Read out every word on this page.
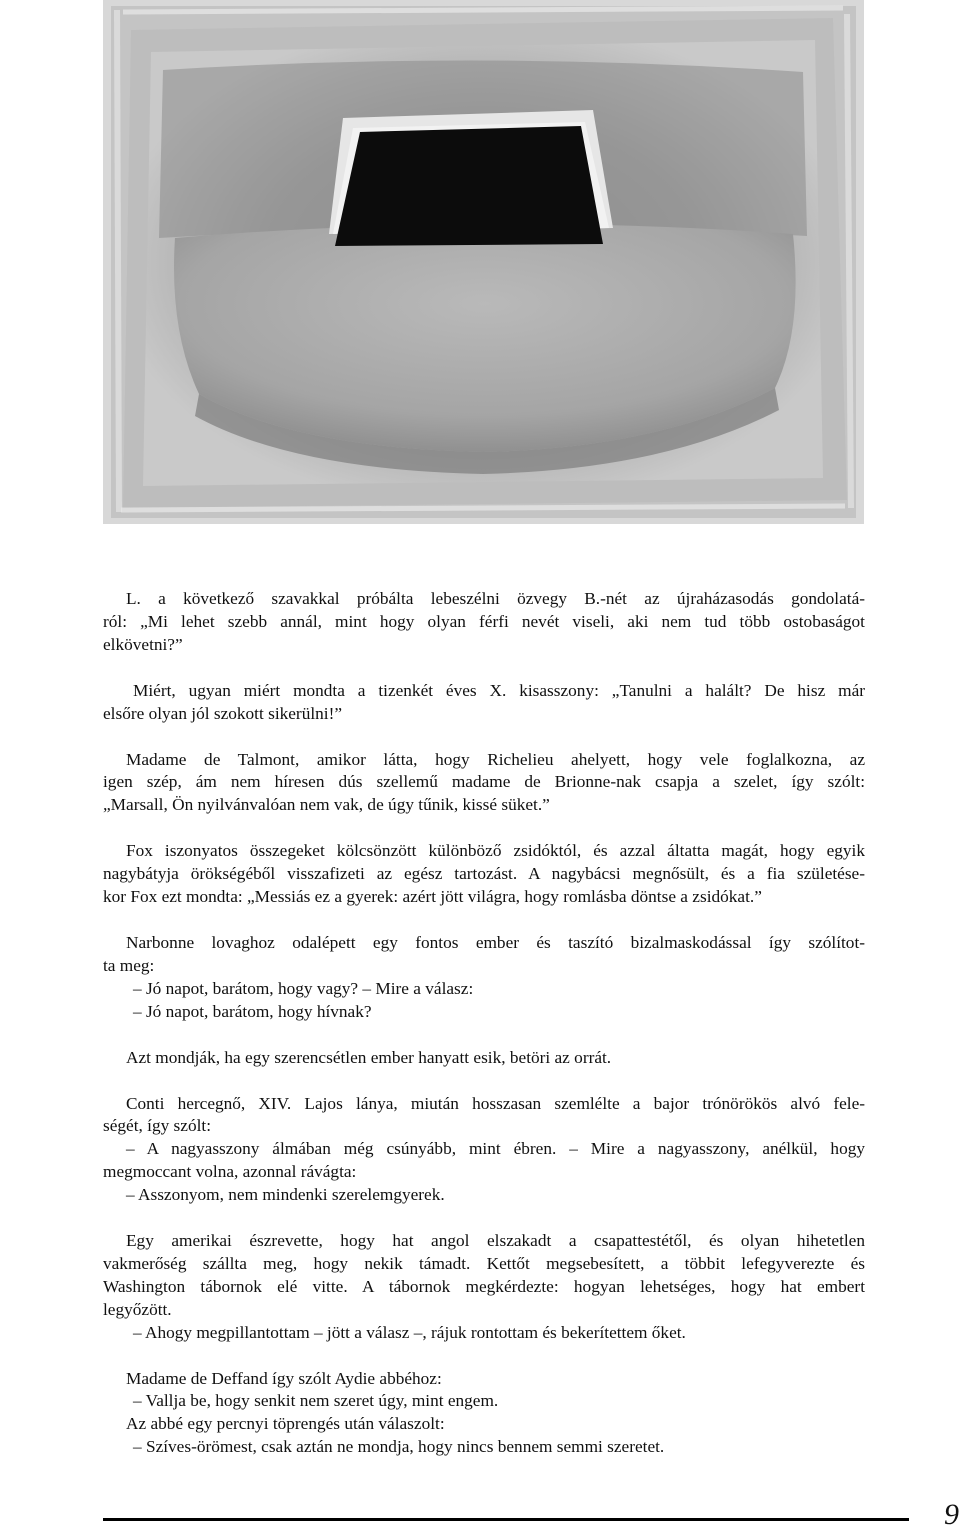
L. a következő szavakkal próbálta lebeszélni özvegy B.-nét az újraházasodás gondolatá-
ról: „Mi lehet szebb annál, mint hogy olyan férfi nevét viseli, aki nem tud több ostobaságot
elkövetni?”
Miért, ugyan miért mondta a tizenkét éves X. kisasszony: „Tanulni a halált? De hisz már
elsőre olyan jól szokott sikerülni!”
Madame de Talmont, amikor látta, hogy Richelieu ahelyett, hogy vele foglalkozna, az
igen szép, ám nem híresen dús szellemű madame de Brionne-nak csapja a szelet, így szólt:
„Marsall, Ön nyilvánvalóan nem vak, de úgy tűnik, kissé süket.”
Fox iszonyatos összegeket kölcsönzött különböző zsidóktól, és azzal áltatta magát, hogy egyik
nagybátyja örökségéből visszafizeti az egész tartozást. A nagybácsi megnősült, és a fia születése-
kor Fox ezt mondta: „Messiás ez a gyerek: azért jött világra, hogy romlásba döntse a zsidókat.”
Narbonne lovaghoz odalépett egy fontos ember és taszító bizalmaskodással így szólítot-
ta meg:
– Jó napot, barátom, hogy vagy? – Mire a válasz:
– Jó napot, barátom, hogy hívnak?
Azt mondják, ha egy szerencsétlen ember hanyatt esik, betöri az orrát.
Conti hercegnő, XIV. Lajos lánya, miután hosszasan szemlélte a bajor trónörökös alvó fele-
ségét, így szólt:
– A nagyasszony álmában még csúnyább, mint ébren. – Mire a nagyasszony, anélkül, hogy
megmoccant volna, azonnal rávágta:
– Asszonyom, nem mindenki szerelemgyerek.
Egy amerikai észrevette, hogy hat angol elszakadt a csapattestétől, és olyan hihetetlen
vakmerőség szállta meg, hogy nekik támadt. Kettőt megsebesített, a többit lefegyverezte és
Washington tábornok elé vitte. A tábornok megkérdezte: hogyan lehetséges, hogy hat embert
legyőzött.
– Ahogy megpillantottam – jött a válasz –, rájuk rontottam és bekerítettem őket.
Madame de Deffand így szólt Aydie abbéhoz:
– Vallja be, hogy senkit nem szeret úgy, mint engem.
Az abbé egy percnyi töprengés után válaszolt:
– Szíves-örömest, csak aztán ne mondja, hogy nincs bennem semmi szeretet.
9
